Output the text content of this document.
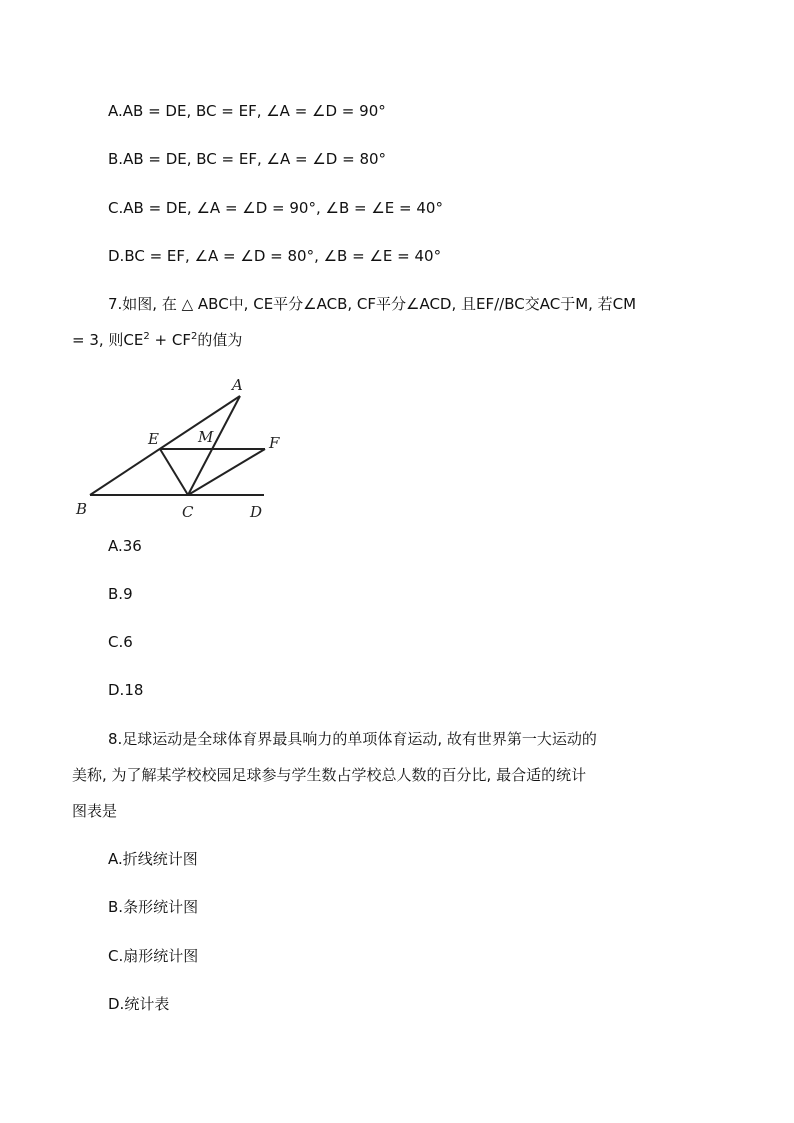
A.AB = DE, BC = EF, ∠A = ∠D = 90°
B.AB = DE, BC = EF, ∠A = ∠D = 80°
C.AB = DE, ∠A = ∠D = 90°, ∠B = ∠E = 40°
D.BC = EF, ∠A = ∠D = 80°, ∠B = ∠E = 40°
7.如图, 在 △ ABC中, CE平分∠ACB, CF平分∠ACD, 且EF//BC交AC于M, 若CM
= 3, 则$CE^2 + CF^2$的值为
A
E	M	F
B	C	D
A.36
B.9
C.6
D.18
8.足球运动是全球体育界最具响力的单项体育运动, 故有世界第一大运动的
美称, 为了解某学校校园足球参与学生数占学校总人数的百分比, 最合适的统计
图表是
A.折线统计图
B.条形统计图
C.扇形统计图
D.统计表
